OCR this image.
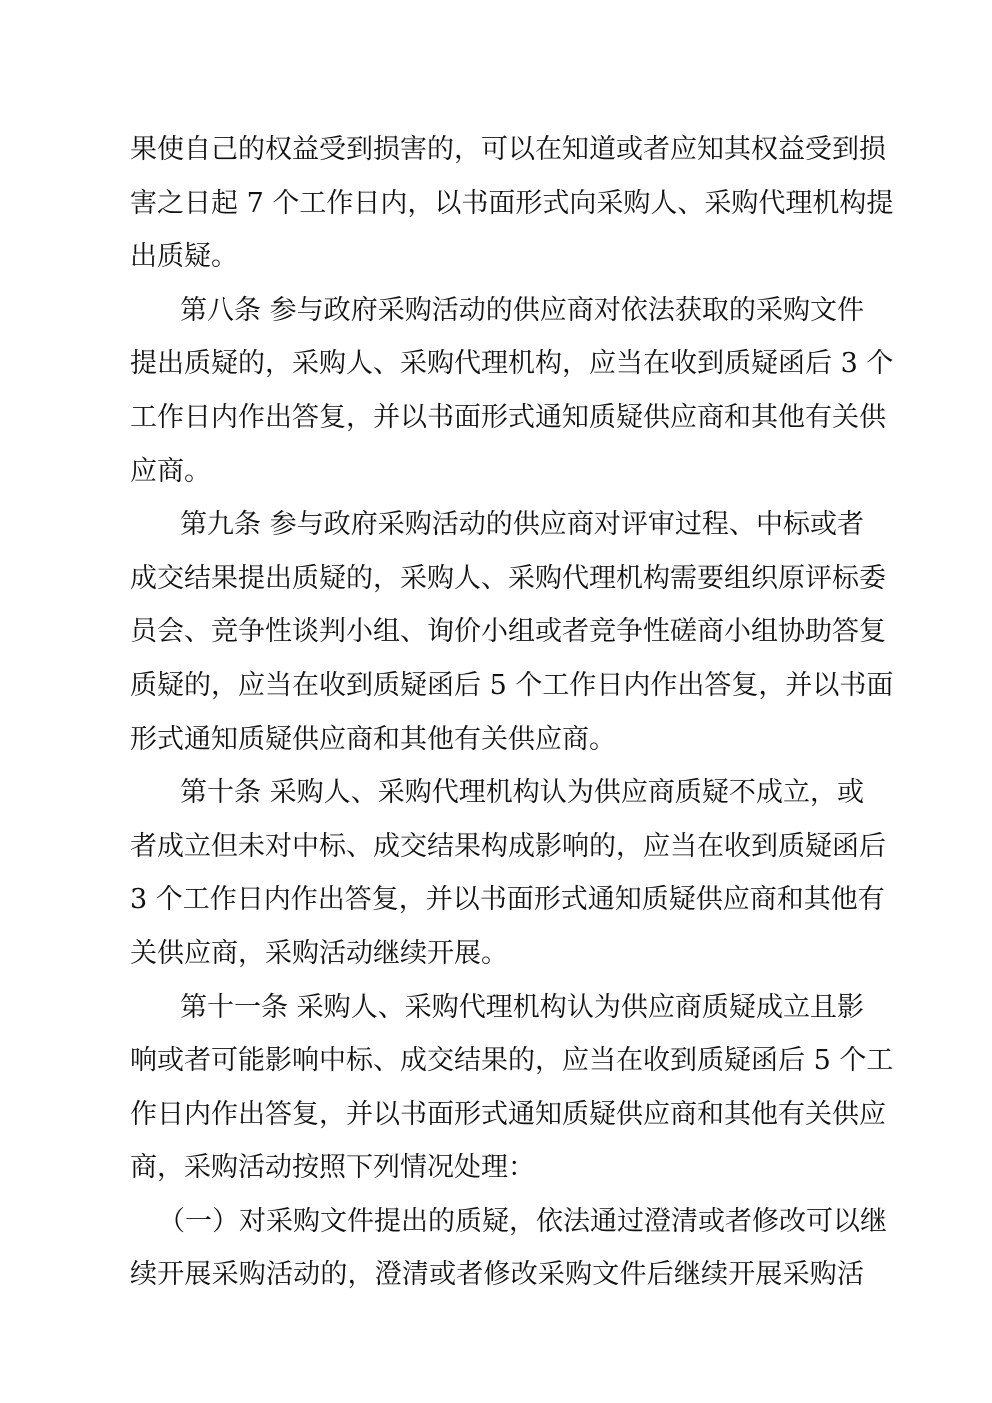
果使自己的权益受到损害的，可以在知道或者应知其权益受到损
害之日起 7 个工作日内，以书面形式向采购人、采购代理机构提
出质疑。
第八条 参与政府采购活动的供应商对依法获取的采购文件
提出质疑的，采购人、采购代理机构，应当在收到质疑函后 3 个
工作日内作出答复，并以书面形式通知质疑供应商和其他有关供
应商。
第九条 参与政府采购活动的供应商对评审过程、中标或者
成交结果提出质疑的，采购人、采购代理机构需要组织原评标委
员会、竞争性谈判小组、询价小组或者竞争性磋商小组协助答复
质疑的，应当在收到质疑函后 5 个工作日内作出答复，并以书面
形式通知质疑供应商和其他有关供应商。
第十条 采购人、采购代理机构认为供应商质疑不成立，或
者成立但未对中标、成交结果构成影响的，应当在收到质疑函后
3 个工作日内作出答复，并以书面形式通知质疑供应商和其他有
关供应商，采购活动继续开展。
第十一条 采购人、采购代理机构认为供应商质疑成立且影
响或者可能影响中标、成交结果的，应当在收到质疑函后 5 个工
作日内作出答复，并以书面形式通知质疑供应商和其他有关供应
商，采购活动按照下列情况处理：
（一）对采购文件提出的质疑，依法通过澄清或者修改可以继
续开展采购活动的，澄清或者修改采购文件后继续开展采购活
